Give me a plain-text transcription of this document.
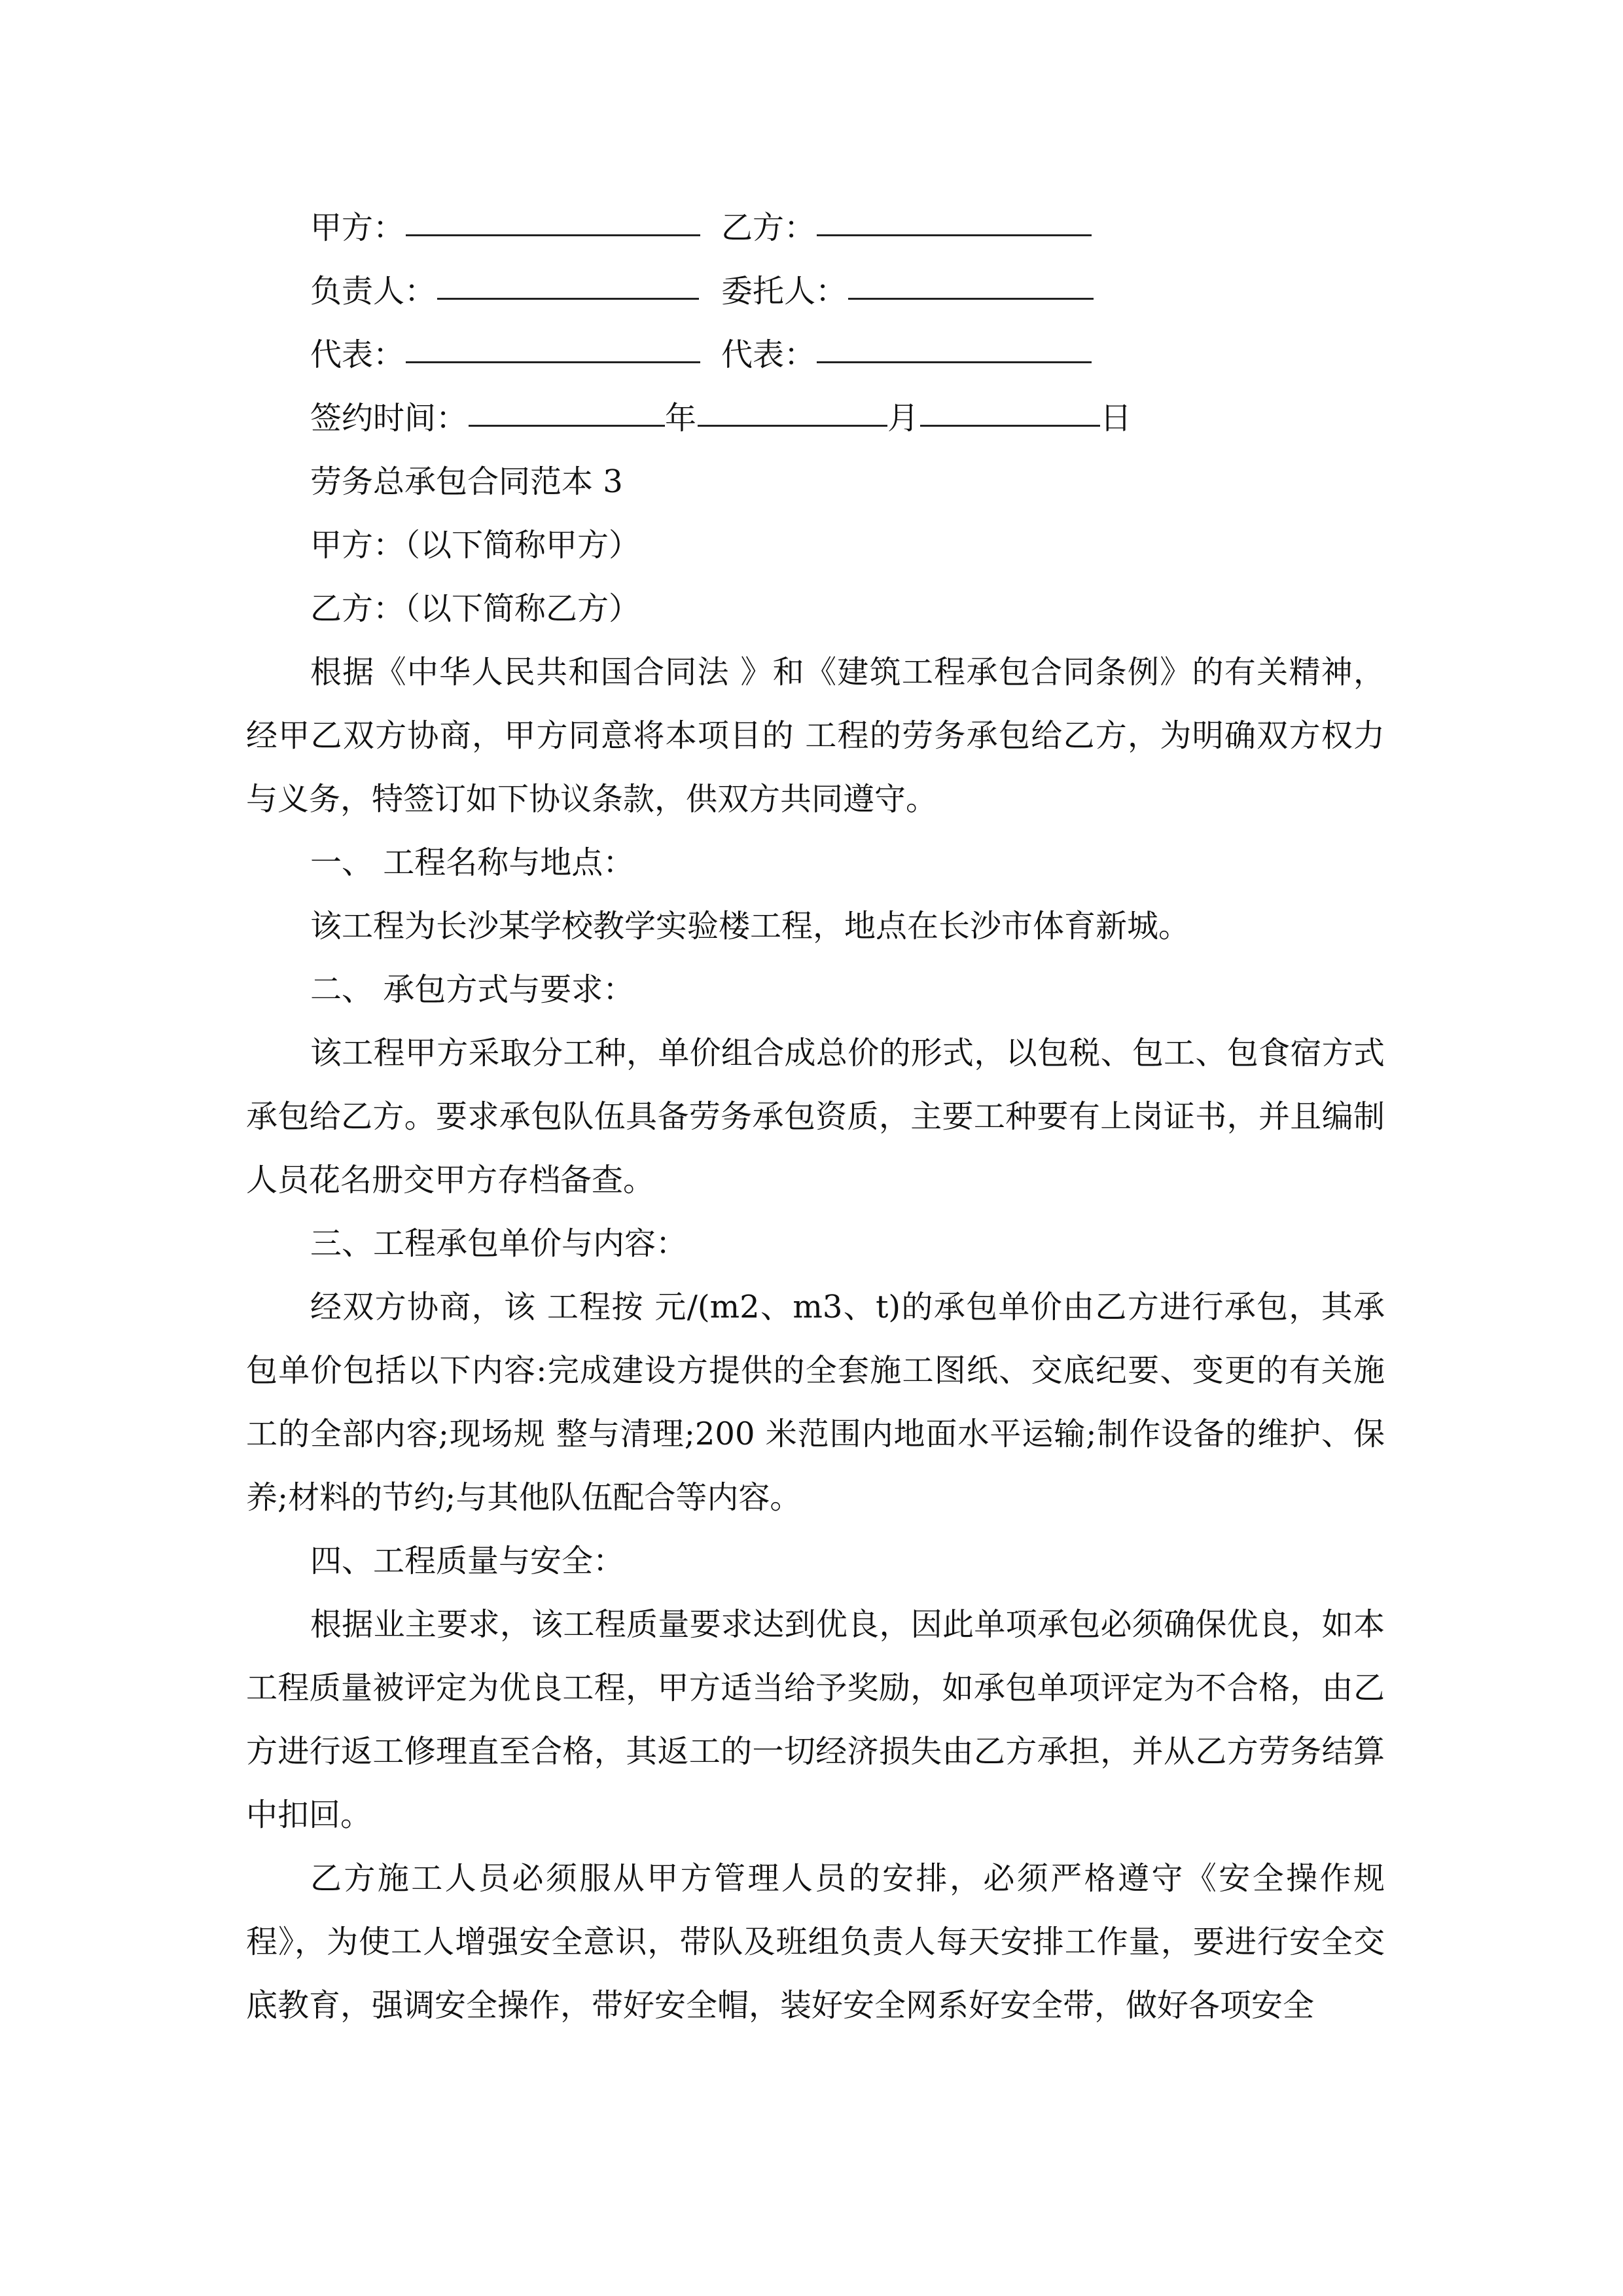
甲方：	乙方：
负责人：	委托人：
代表：	代表：
签约时间：	年	月	日
劳务总承包合同范本 3
甲方：（以下简称甲方）
乙方：（以下简称乙方）

根据《中华人民共和国合同法 》和《建筑工程承包合同条例》的有关精神，经甲乙双方协商，甲方同意将本项目的 工程的劳务承包给乙方，为明确双方权力与义务，特签订如下协议条款，供双方共同遵守。

一、 工程名称与地点：

该工程为长沙某学校教学实验楼工程，地点在长沙市体育新城。

二、 承包方式与要求：

该工程甲方采取分工种，单价组合成总价的形式，以包税、包工、包食宿方式承包给乙方。要求承包队伍具备劳务承包资质，主要工种要有上岗证书，并且编制人员花名册交甲方存档备查。

三、工程承包单价与内容：

经双方协商，该 工程按 元/(m2、m3、t)的承包单价由乙方进行承包，其承包单价包括以下内容:完成建设方提供的全套施工图纸、交底纪要、变更的有关施工的全部内容;现场规 整与清理;200 米范围内地面水平运输;制作设备的维护、保养;材料的节约;与其他队伍配合等内容。

四、工程质量与安全：

根据业主要求，该工程质量要求达到优良，因此单项承包必须确保优良，如本工程质量被评定为优良工程，甲方适当给予奖励，如承包单项评定为不合格，由乙方进行返工修理直至合格，其返工的一切经济损失由乙方承担，并从乙方劳务结算中扣回。

乙方施工人员必须服从甲方管理人员的安排，必须严格遵守《安全操作规程》，为使工人增强安全意识，带队及班组负责人每天安排工作量，要进行安全交底教育，强调安全操作，带好安全帽，装好安全网系好安全带，做好各项安全
